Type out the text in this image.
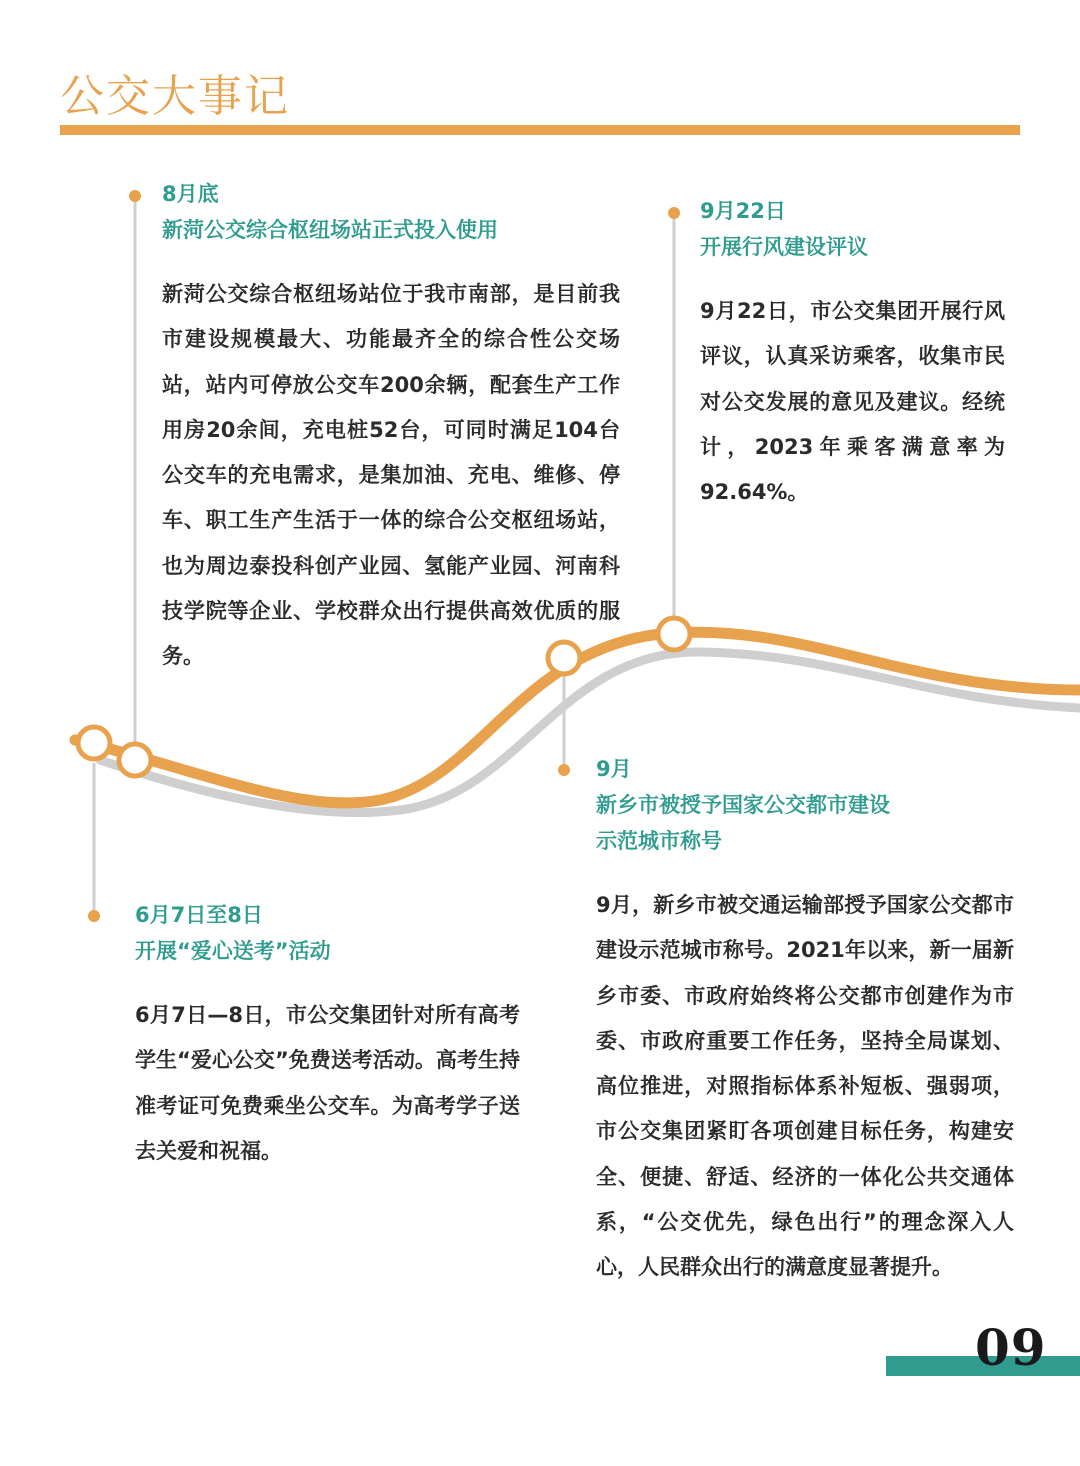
公交大事记
8月底
新菏公交综合枢纽场站正式投入使用
新菏公交综合枢纽场站位于我市南部，是目前我市建设规模最大、功能最齐全的综合性公交场站，站内可停放公交车200余辆，配套生产工作用房20余间，充电桩52台，可同时满足104台公交车的充电需求，是集加油、充电、维修、停车、职工生产生活于一体的综合公交枢纽场站，也为周边泰投科创产业园、氢能产业园、河南科技学院等企业、学校群众出行提供高效优质的服务。
9月22日
开展行风建设评议
9月22日，市公交集团开展行风评议，认真采访乘客，收集市民对公交发展的意见及建议。经统计，2023年乘客满意率为92.64%。
9月
新乡市被授予国家公交都市建设
示范城市称号
9月，新乡市被交通运输部授予国家公交都市建设示范城市称号。2021年以来，新一届新乡市委、市政府始终将公交都市创建作为市委、市政府重要工作任务，坚持全局谋划、高位推进，对照指标体系补短板、强弱项，市公交集团紧盯各项创建目标任务，构建安全、便捷、舒适、经济的一体化公共交通体系，“公交优先，绿色出行”的理念深入人心，人民群众出行的满意度显著提升。
6月7日至8日
开展“爱心送考”活动
6月7日—8日，市公交集团针对所有高考学生“爱心公交”免费送考活动。高考生持准考证可免费乘坐公交车。为高考学子送去关爱和祝福。
09
